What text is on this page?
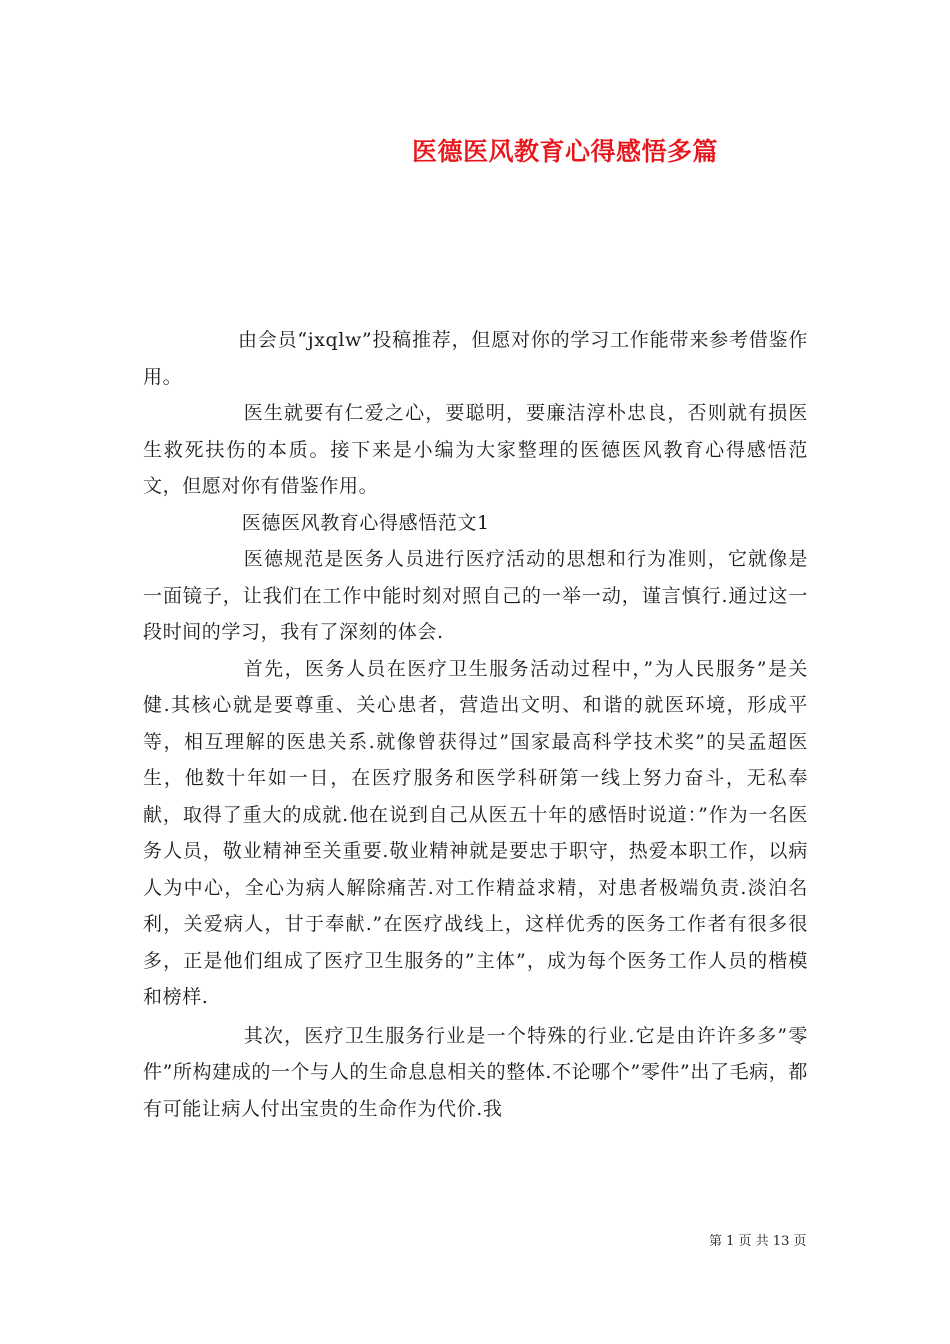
医德医风教育心得感悟多篇

由会员“jxqlw”投稿推荐，但愿对你的学习工作能带来参考借鉴作用。

医生就要有仁爱之心，要聪明，要廉洁淳朴忠良，否则就有损医生救死扶伤的本质。接下来是小编为大家整理的医德医风教育心得感悟范文，但愿对你有借鉴作用。

医德医风教育心得感悟范文1

医德规范是医务人员进行医疗活动的思想和行为准则，它就像是一面镜子，让我们在工作中能时刻对照自己的一举一动，谨言慎行.通过这一段时间的学习，我有了深刻的体会.

首先，医务人员在医疗卫生服务活动过程中，”为人民服务”是关健.其核心就是要尊重、关心患者，营造出文明、和谐的就医环境，形成平等，相互理解的医患关系.就像曾获得过”国家最高科学技术奖”的吴孟超医生，他数十年如一日，在医疗服务和医学科研第一线上努力奋斗，无私奉献，取得了重大的成就.他在说到自己从医五十年的感悟时说道：”作为一名医务人员，敬业精神至关重要.敬业精神就是要忠于职守，热爱本职工作，以病人为中心，全心为病人解除痛苦.对工作精益求精，对患者极端负责.淡泊名利，关爱病人，甘于奉献.”在医疗战线上，这样优秀的医务工作者有很多很多，正是他们组成了医疗卫生服务的”主体”，成为每个医务工作人员的楷模和榜样.

其次，医疗卫生服务行业是一个特殊的行业.它是由许许多多”零件”所构建成的一个与人的生命息息相关的整体.不论哪个”零件”出了毛病，都有可能让病人付出宝贵的生命作为代价.我

第 1 页 共 13 页
